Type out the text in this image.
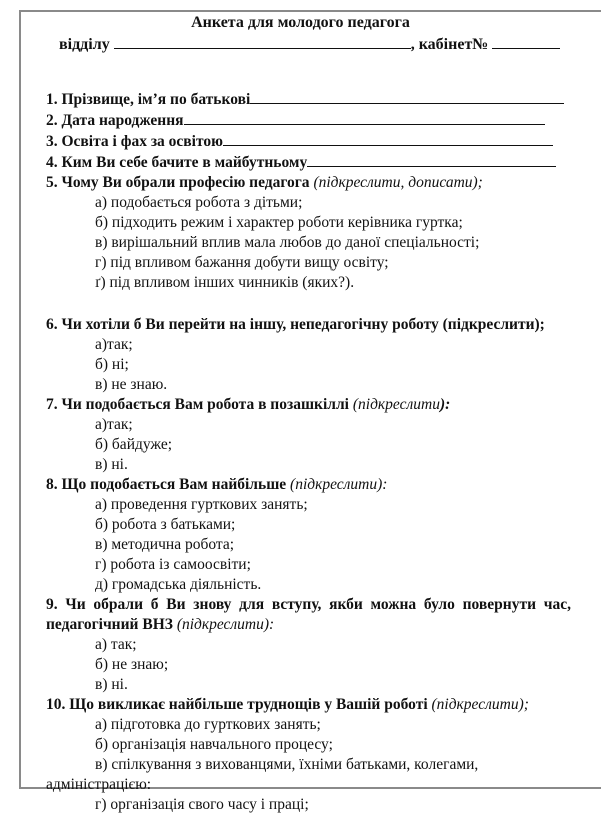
Анкета для молодого педагога
відділу	, кабінет№
1. Прізвище, ім’я по батькові
2. Дата народження
3. Освіта і фах за освітою
4. Ким Ви себе бачите в майбутньому
5. Чому Ви обрали професію педагога (підкреслити, дописати);
а) подобається робота з дітьми;
б) підходить режим і характер роботи керівника гуртка;
в) вирішальний вплив мала любов до даної спеціальності;
г) під впливом бажання добути вищу освіту;
ґ) під впливом інших чинників (яких?).
6. Чи хотіли б Ви перейти на іншу, непедагогічну роботу (підкреслити);
а)так;
б) ні;
в) не знаю.
7. Чи подобається Вам робота в позашкіллі (підкреслити):
а)так;
б) байдуже;
в) ні.
8. Що подобається Вам найбільше (підкреслити):
а) проведення гурткових занять;
б) робота з батьками;
в) методична робота;
г) робота із самоосвіти;
д) громадська діяльність.
9. Чи обрали б Ви знову для вступу, якби можна було повернути час,
педагогічний ВНЗ (підкреслити):
а) так;
б) не знаю;
в) ні.
10. Що викликає найбільше труднощів у Вашій роботі (підкреслити);
а) підготовка до гурткових занять;
б) організація навчального процесу;
в) спілкування з вихованцями, їхніми батьками, колегами, адміністрацією:
г) організація свого часу і праці;
